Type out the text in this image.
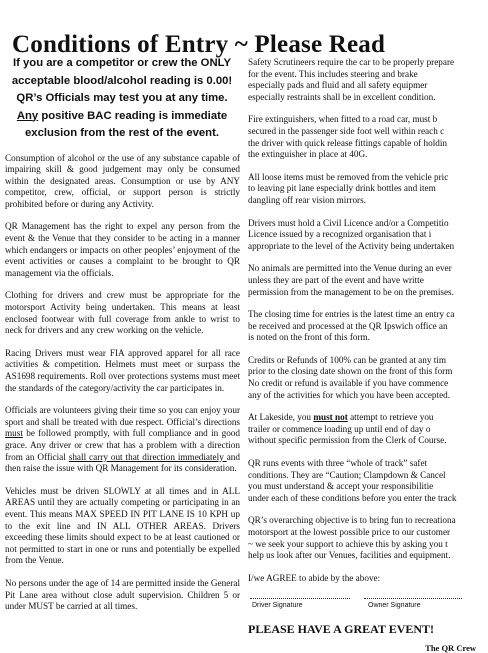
Conditions of Entry ~ Please Read
If you are a competitor or crew the ONLY
acceptable blood/alcohol reading is 0.00!
QR’s Officials may test you at any time.
Any positive BAC reading is immediate
exclusion from the rest of the event.

Consumption of alcohol or the use of any substance capable of impairing skill & good judgement may only be consumed within the designated areas. Consumption or use by ANY competitor, crew, official, or support person is strictly prohibited before or during any Activity.

QR Management has the right to expel any person from the event & the Venue that they consider to be acting in a manner which endangers or impacts on other peoples’ enjoyment of the event activities or causes a complaint to be brought to QR management via the officials.

Clothing for drivers and crew must be appropriate for the motorsport Activity being undertaken. This means at least enclosed footwear with full coverage from ankle to wrist to neck for drivers and any crew working on the vehicle.

Racing Drivers must wear FIA approved apparel for all race activities & competition. Helmets must meet or surpass the AS1698 requirements. Roll over protections systems must meet the standards of the category/activity the car participates in.

Officials are volunteers giving their time so you can enjoy your sport and shall be treated with due respect. Official’s directions must be followed promptly, with full compliance and in good grace. Any driver or crew that has a problem with a direction from an Official shall carry out that direction immediately and then raise the issue with QR Management for its consideration.

Vehicles must be driven SLOWLY at all times and in ALL AREAS until they are actually competing or participating in an event. This means MAX SPEED IN PIT LANE IS 10 KPH up to the exit line and IN ALL OTHER AREAS. Drivers exceeding these limits should expect to be at least cautioned or not permitted to start in one or runs and potentially be expelled from the Venue.

No persons under the age of 14 are permitted inside the General Pit Lane area without close adult supervision. Children 5 or under MUST be carried at all times.

Safety Scrutineers require the car to be properly prepare
for the event. This includes steering and brake
especially pads and fluid and all safety equipmer
especially restraints shall be in excellent condition.

Fire extinguishers, when fitted to a road car, must b
secured in the passenger side foot well within reach c
the driver with quick release fittings capable of holdin
the extinguisher in place at 40G.

All loose items must be removed from the vehicle pric
to leaving pit lane especially drink bottles and item
dangling off rear vision mirrors.

Drivers must hold a Civil Licence and/or a Competitio
Licence issued by a recognized organisation that i
appropriate to the level of the Activity being undertaken

No animals are permitted into the Venue during an ever
unless they are part of the event and have writte
permission from the management to be on the premises.

The closing time for entries is the latest time an entry ca
be received and processed at the QR Ipswich office an
is noted on the front of this form.

Credits or Refunds of 100% can be granted at any tim
prior to the closing date shown on the front of this form
No credit or refund is available if you have commence
any of the activities for which you have been accepted.

At Lakeside, you must not attempt to retrieve you
trailer or commence loading up until end of day o
without specific permission from the Clerk of Course.

QR runs events with three “whole of track” safet
conditions. They are “Caution; Clampdown & Cancel
you must understand & accept your responsibilitie
under each of these conditions before you enter the track

QR’s overarching objective is to bring fun to recreationa
motorsport at the lowest possible price to our customer
~ we seek your support to achieve this by asking you t
help us look after our Venues, facilities and equipment.

I/we AGREE to abide by the above:

Driver Signature	Owner Signature
PLEASE HAVE A GREAT EVENT!
The QR Crew
